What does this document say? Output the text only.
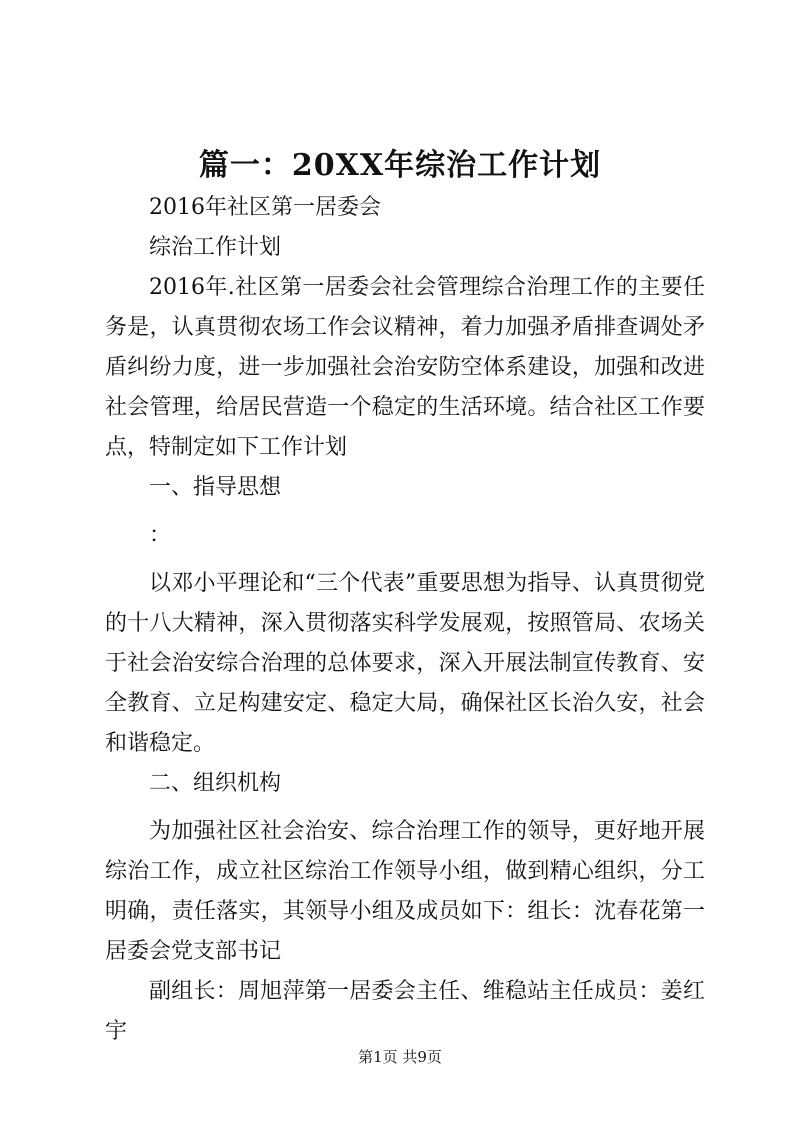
篇一：20XX年综治工作计划

2016年社区第一居委会

综治工作计划

2016年.社区第一居委会社会管理综合治理工作的主要任务是，认真贯彻农场工作会议精神，着力加强矛盾排查调处矛盾纠纷力度，进一步加强社会治安防空体系建设，加强和改进社会管理，给居民营造一个稳定的生活环境。结合社区工作要点，特制定如下工作计划

一、指导思想

：

以邓小平理论和“三个代表”重要思想为指导、认真贯彻党的十八大精神，深入贯彻落实科学发展观，按照管局、农场关于社会治安综合治理的总体要求，深入开展法制宣传教育、安全教育、立足构建安定、稳定大局，确保社区长治久安，社会和谐稳定。

二、组织机构

为加强社区社会治安、综合治理工作的领导，更好地开展综治工作，成立社区综治工作领导小组，做到精心组织，分工明确，责任落实，其领导小组及成员如下：组长：沈春花第一居委会党支部书记

副组长：周旭萍第一居委会主任、维稳站主任成员：姜红宇

第1页 共9页
